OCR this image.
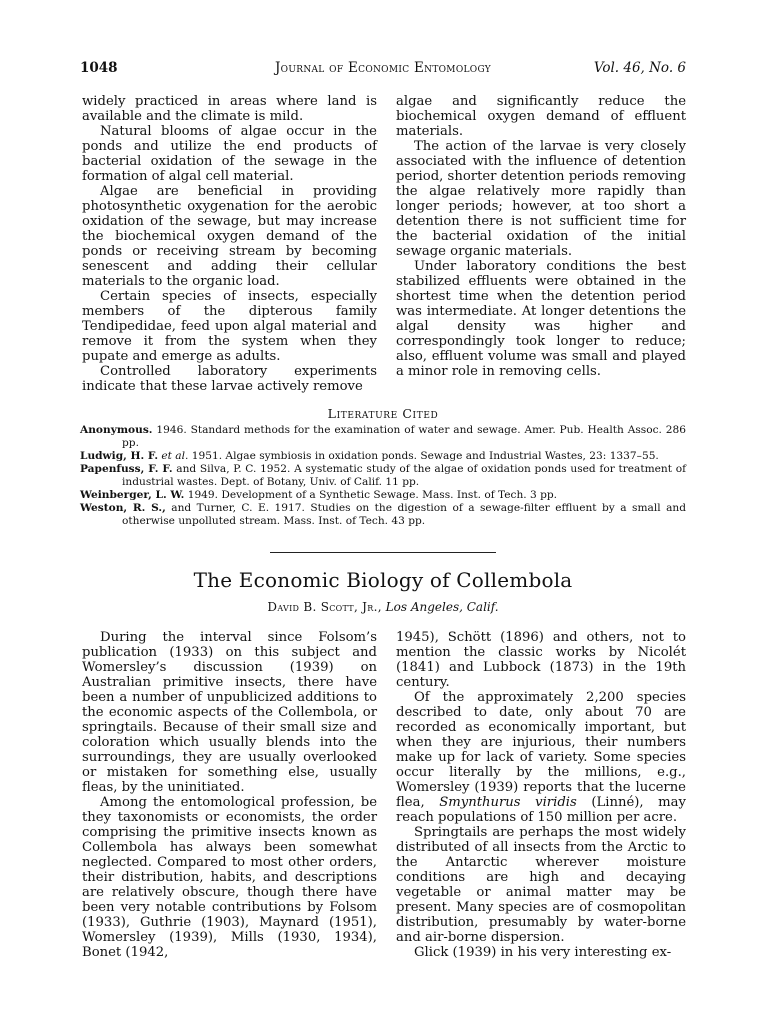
1048	Journal of Economic Entomology	Vol. 46, No. 6

widely practiced in areas where land is available and the climate is mild.

Natural blooms of algae occur in the ponds and utilize the end products of bacterial oxidation of the sewage in the formation of algal cell material.

Algae are beneficial in providing photosynthetic oxygenation for the aerobic oxidation of the sewage, but may increase the biochemical oxygen demand of the ponds or receiving stream by becoming senescent and adding their cellular materials to the organic load.

Certain species of insects, especially members of the dipterous family Tendipedidae, feed upon algal material and remove it from the system when they pupate and emerge as adults.

Controlled laboratory experiments indicate that these larvae actively remove

algae and significantly reduce the biochemical oxygen demand of effluent materials.

The action of the larvae is very closely associated with the influence of detention period, shorter detention periods removing the algae relatively more rapidly than longer periods; however, at too short a detention there is not sufficient time for the bacterial oxidation of the initial sewage organic materials.

Under laboratory conditions the best stabilized effluents were obtained in the shortest time when the detention period was intermediate. At longer detentions the algal density was higher and correspondingly took longer to reduce; also, effluent volume was small and played a minor role in removing cells.

Literature Cited

Anonymous. 1946. Standard methods for the examination of water and sewage. Amer. Pub. Health Assoc. 286 pp.

Ludwig, H. F. et al. 1951. Algae symbiosis in oxidation ponds. Sewage and Industrial Wastes, 23: 1337–55.

Papenfuss, F. F. and Silva, P. C. 1952. A systematic study of the algae of oxidation ponds used for treatment of industrial wastes. Dept. of Botany, Univ. of Calif. 11 pp.

Weinberger, L. W. 1949. Development of a Synthetic Sewage. Mass. Inst. of Tech. 3 pp.

Weston, R. S., and Turner, C. E. 1917. Studies on the digestion of a sewage-filter effluent by a small and otherwise unpolluted stream. Mass. Inst. of Tech. 43 pp.

The Economic Biology of Collembola
David B. Scott, Jr., Los Angeles, Calif.

During the interval since Folsom’s publication (1933) on this subject and Womersley’s discussion (1939) on Australian primitive insects, there have been a number of unpublicized additions to the economic aspects of the Collembola, or springtails. Because of their small size and coloration which usually blends into the surroundings, they are usually overlooked or mistaken for something else, usually fleas, by the uninitiated.

Among the entomological profession, be they taxonomists or economists, the order comprising the primitive insects known as Collembola has always been somewhat neglected. Compared to most other orders, their distribution, habits, and descriptions are relatively obscure, though there have been very notable contributions by Folsom (1933), Guthrie (1903), Maynard (1951), Womersley (1939), Mills (1930, 1934), Bonet (1942,

1945), Schött (1896) and others, not to mention the classic works by Nicolét (1841) and Lubbock (1873) in the 19th century.

Of the approximately 2,200 species described to date, only about 70 are recorded as economically important, but when they are injurious, their numbers make up for lack of variety. Some species occur literally by the millions, e.g., Womersley (1939) reports that the lucerne flea, Smynthurus viridis (Linné), may reach populations of 150 million per acre.

Springtails are perhaps the most widely distributed of all insects from the Arctic to the Antarctic wherever moisture conditions are high and decaying vegetable or animal matter may be present. Many species are of cosmopolitan distribution, presumably by water-borne and air-borne dispersion.

Glick (1939) in his very interesting ex-
